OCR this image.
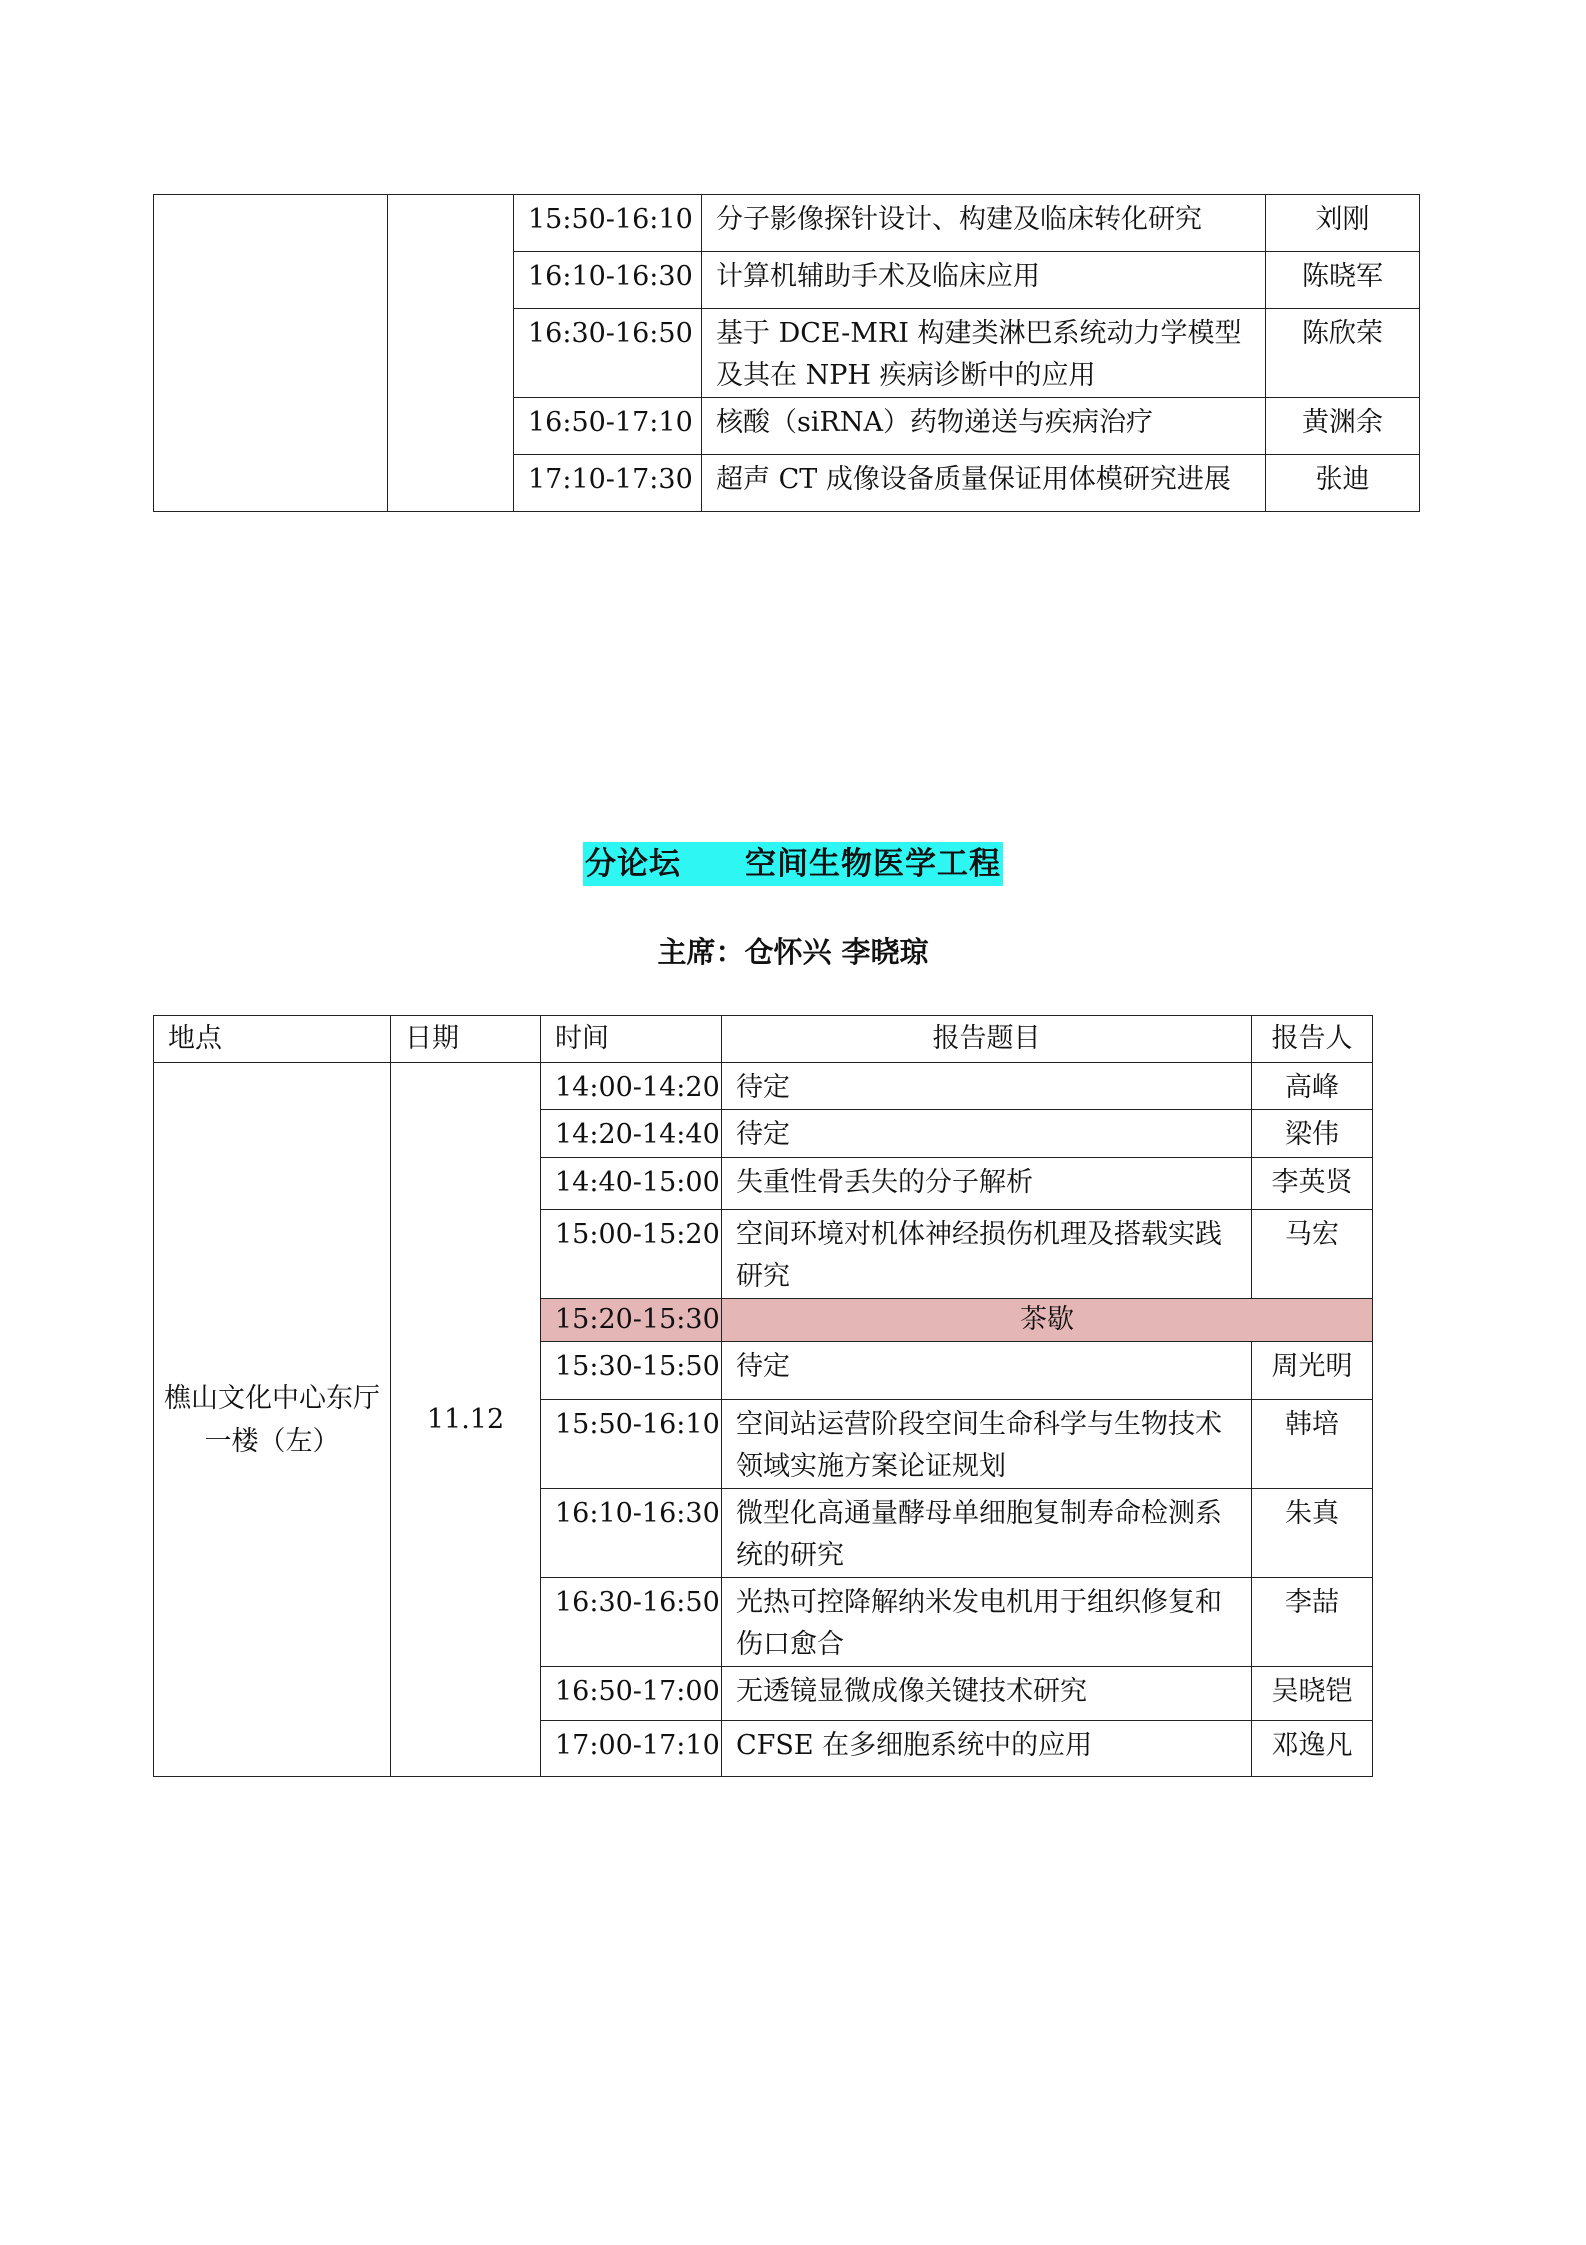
		15:50-16:10	分子影像探针设计、构建及临床转化研究	刘刚
		16:10-16:30	计算机辅助手术及临床应用	陈晓军
		16:30-16:50	基于 DCE-MRI 构建类淋巴系统动力学模型及其在 NPH 疾病诊断中的应用	陈欣荣
		16:50-17:10	核酸（siRNA）药物递送与疾病治疗	黄渊余
		17:10-17:30	超声 CT 成像设备质量保证用体模研究进展	张迪
分论坛　　空间生物医学工程
主席：仓怀兴 李晓琼
地点	日期	时间	报告题目	报告人
樵山文化中心东厅一楼（左）	11.12	14:00-14:20	待定	高峰
		14:20-14:40	待定	梁伟
		14:40-15:00	失重性骨丢失的分子解析	李英贤
		15:00-15:20	空间环境对机体神经损伤机理及搭载实践研究	马宏
		15:20-15:30	茶歇	
		15:30-15:50	待定	周光明
		15:50-16:10	空间站运营阶段空间生命科学与生物技术领域实施方案论证规划	韩培
		16:10-16:30	微型化高通量酵母单细胞复制寿命检测系统的研究	朱真
		16:30-16:50	光热可控降解纳米发电机用于组织修复和伤口愈合	李喆
		16:50-17:00	无透镜显微成像关键技术研究	吴晓铠
		17:00-17:10	CFSE 在多细胞系统中的应用	邓逸凡
